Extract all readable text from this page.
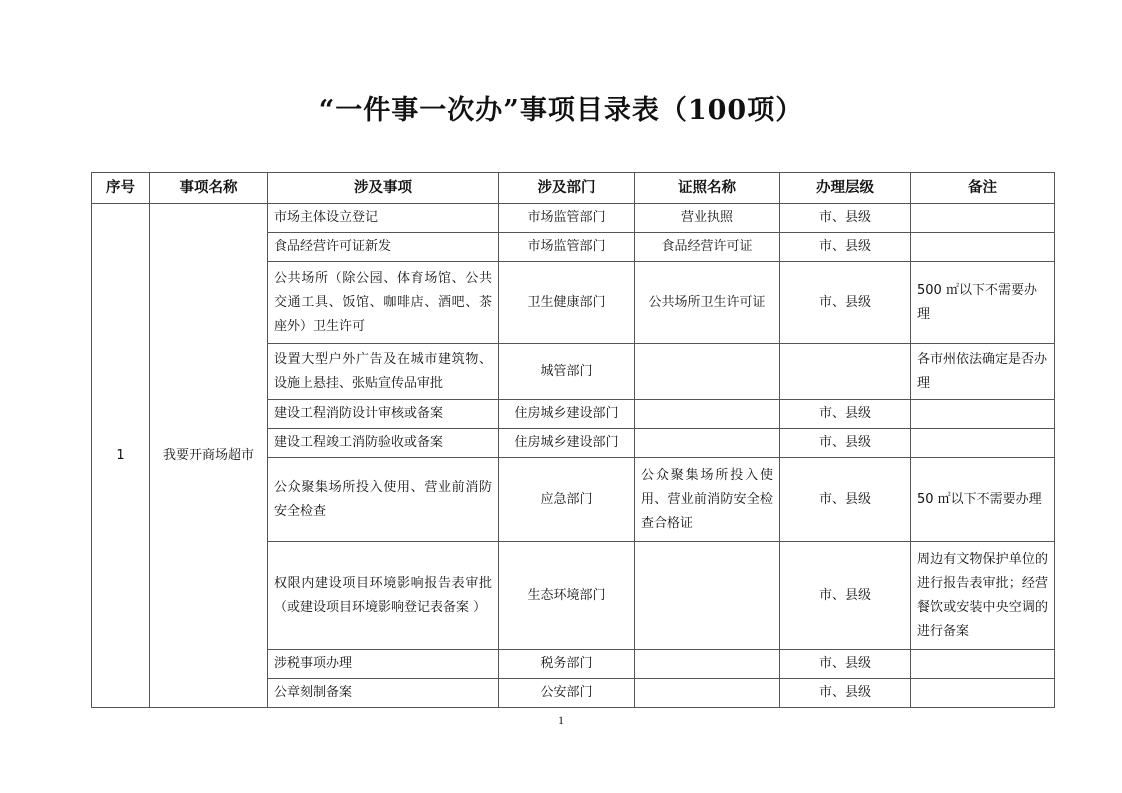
“一件事一次办”事项目录表（100项）
序号	事项名称	涉及事项	涉及部门	证照名称	办理层级	备注
1	我要开商场超市	市场主体设立登记	市场监管部门	营业执照	市、县级	
		食品经营许可证新发	市场监管部门	食品经营许可证	市、县级	
		公共场所（除公园、体育场馆、公共交通工具、饭馆、咖啡店、酒吧、茶座外）卫生许可	卫生健康部门	公共场所卫生许可证	市、县级	500 ㎡以下不需要办理
		设置大型户外广告及在城市建筑物、设施上悬挂、张贴宣传品审批	城管部门			各市州依法确定是否办理
		建设工程消防设计审核或备案	住房城乡建设部门		市、县级	
		建设工程竣工消防验收或备案	住房城乡建设部门		市、县级	
		公众聚集场所投入使用、营业前消防安全检查	应急部门	公众聚集场所投入使用、营业前消防安全检查合格证	市、县级	50 ㎡以下不需要办理
		权限内建设项目环境影响报告表审批（或建设项目环境影响登记表备案 ）	生态环境部门		市、县级	周边有文物保护单位的进行报告表审批；经营餐饮或安装中央空调的进行备案
		涉税事项办理	税务部门		市、县级	
		公章刻制备案	公安部门		市、县级	
1
